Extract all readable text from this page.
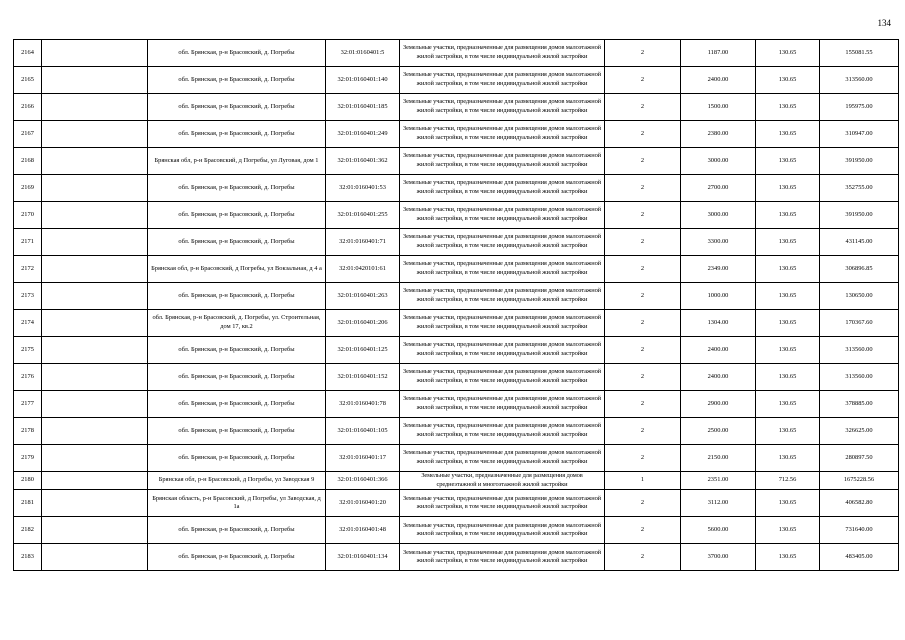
134
2164		обл. Брянская, р-н Брасовский, д. Погребы	32:01:0160401:5	Земельные участки, предназначенные для размещения домов малоэтажной жилой застройки, в том числе индивидуальной жилой застройки	2	1187.00	130.65	155081.55
2165		обл. Брянская, р-н Брасовский, д. Погребы	32:01:0160401:140	Земельные участки, предназначенные для размещения домов малоэтажной жилой застройки, в том числе индивидуальной жилой застройки	2	2400.00	130.65	313560.00
2166		обл. Брянская, р-н Брасовский, д. Погребы	32:01:0160401:185	Земельные участки, предназначенные для размещения домов малоэтажной жилой застройки, в том числе индивидуальной жилой застройки	2	1500.00	130.65	195975.00
2167		обл. Брянская, р-н Брасовский, д. Погребы	32:01:0160401:249	Земельные участки, предназначенные для размещения домов малоэтажной жилой застройки, в том числе индивидуальной жилой застройки	2	2380.00	130.65	310947.00
2168		Брянская обл, р-н Брасовский, д Погребы, ул Луговая, дом 1	32:01:0160401:362	Земельные участки, предназначенные для размещения домов малоэтажной жилой застройки, в том числе индивидуальной жилой застройки	2	3000.00	130.65	391950.00
2169		обл. Брянская, р-н Брасовский, д. Погребы	32:01:0160401:53	Земельные участки, предназначенные для размещения домов малоэтажной жилой застройки, в том числе индивидуальной жилой застройки	2	2700.00	130.65	352755.00
2170		обл. Брянская, р-н Брасовский, д. Погребы	32:01:0160401:255	Земельные участки, предназначенные для размещения домов малоэтажной жилой застройки, в том числе индивидуальной жилой застройки	2	3000.00	130.65	391950.00
2171		обл. Брянская, р-н Брасовский, д. Погребы	32:01:0160401:71	Земельные участки, предназначенные для размещения домов малоэтажной жилой застройки, в том числе индивидуальной жилой застройки	2	3300.00	130.65	431145.00
2172		Брянская обл, р-н Брасовский, д Погребы, ул Вокзальная, д 4 а	32:01:0420101:61	Земельные участки, предназначенные для размещения домов малоэтажной жилой застройки, в том числе индивидуальной жилой застройки	2	2349.00	130.65	306896.85
2173		обл. Брянская, р-н Брасовский, д. Погребы	32:01:0160401:263	Земельные участки, предназначенные для размещения домов малоэтажной жилой застройки, в том числе индивидуальной жилой застройки	2	1000.00	130.65	130650.00
2174		обл. Брянская, р-н Брасовский, д. Погребы, ул. Строительная, дом 17, кв.2	32:01:0160401:206	Земельные участки, предназначенные для размещения домов малоэтажной жилой застройки, в том числе индивидуальной жилой застройки	2	1304.00	130.65	170367.60
2175		обл. Брянская, р-н Брасовский, д. Погребы	32:01:0160401:125	Земельные участки, предназначенные для размещения домов малоэтажной жилой застройки, в том числе индивидуальной жилой застройки	2	2400.00	130.65	313560.00
2176		обл. Брянская, р-н Брасовский, д. Погребы	32:01:0160401:152	Земельные участки, предназначенные для размещения домов малоэтажной жилой застройки, в том числе индивидуальной жилой застройки	2	2400.00	130.65	313560.00
2177		обл. Брянская, р-н Брасовский, д. Погребы	32:01:0160401:78	Земельные участки, предназначенные для размещения домов малоэтажной жилой застройки, в том числе индивидуальной жилой застройки	2	2900.00	130.65	378885.00
2178		обл. Брянская, р-н Брасовский, д. Погребы	32:01:0160401:105	Земельные участки, предназначенные для размещения домов малоэтажной жилой застройки, в том числе индивидуальной жилой застройки	2	2500.00	130.65	326625.00
2179		обл. Брянская, р-н Брасовский, д. Погребы	32:01:0160401:17	Земельные участки, предназначенные для размещения домов малоэтажной жилой застройки, в том числе индивидуальной жилой застройки	2	2150.00	130.65	280897.50
2180		Брянская обл, р-н Брасовский, д Погребы, ул Заводская 9	32:01:0160401:366	Земельные участки, предназначенные для размещения домов среднеэтажной и многоэтажной жилой застройки	1	2351.00	712.56	1675228.56
2181		Брянская область, р-н Брасовский, д Погребы, ул Заводская, д 1а	32:01:0160401:20	Земельные участки, предназначенные для размещения домов малоэтажной жилой застройки, в том числе индивидуальной жилой застройки	2	3112.00	130.65	406582.80
2182		обл. Брянская, р-н Брасовский, д. Погребы	32:01:0160401:48	Земельные участки, предназначенные для размещения домов малоэтажной жилой застройки, в том числе индивидуальной жилой застройки	2	5600.00	130.65	731640.00
2183		обл. Брянская, р-н Брасовский, д. Погребы	32:01:0160401:134	Земельные участки, предназначенные для размещения домов малоэтажной жилой застройки, в том числе индивидуальной жилой застройки	2	3700.00	130.65	483405.00
